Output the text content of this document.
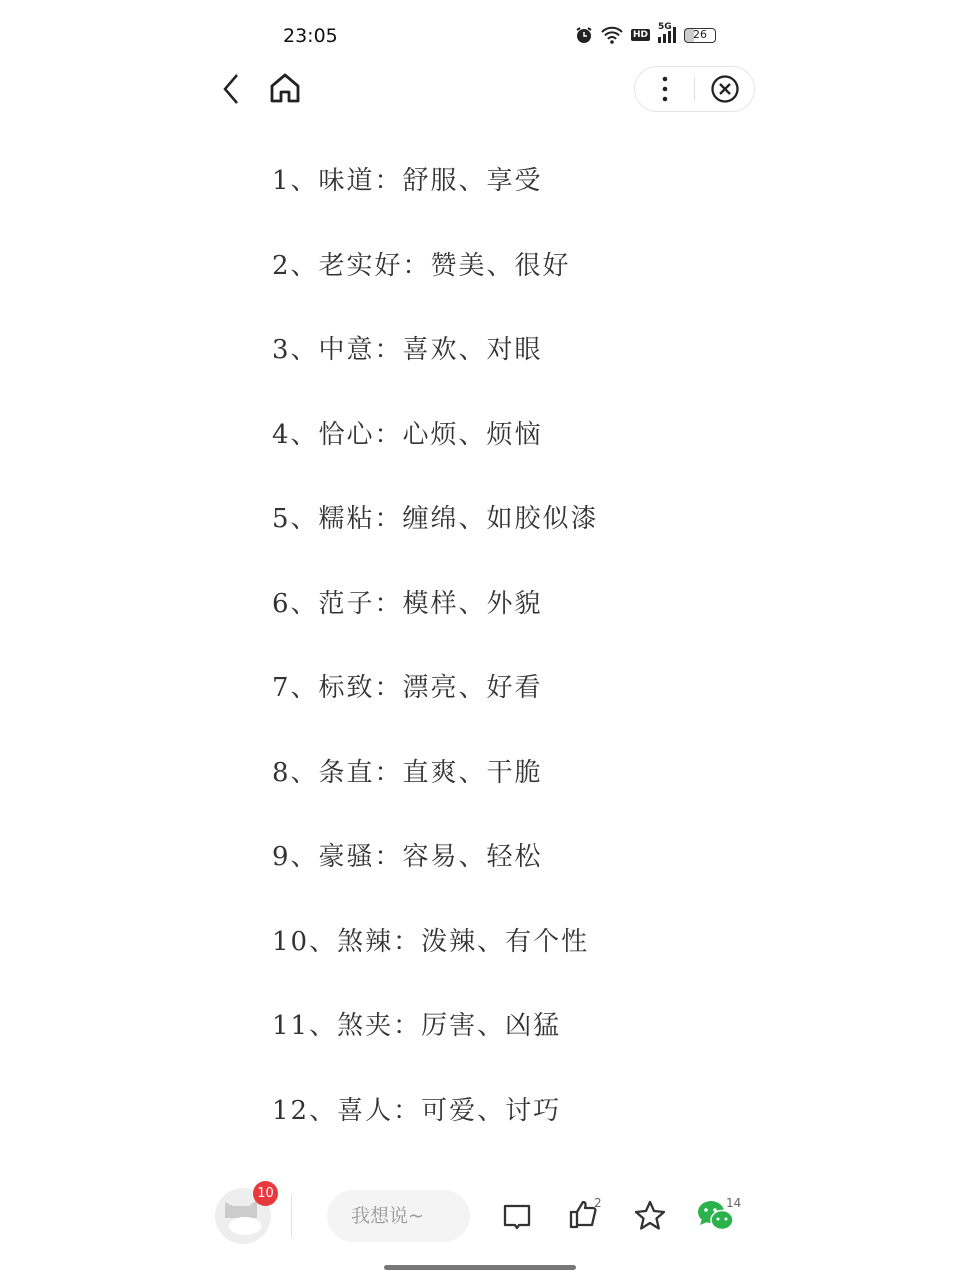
23:05	HD
5G
26
1、味道：舒服、享受
2、老实好：赞美、很好
3、中意：喜欢、对眼
4、恰心：心烦、烦恼
5、糯粘：缠绵、如胶似漆
6、范子：模样、外貌
7、标致：漂亮、好看
8、条直：直爽、干脆
9、豪骚：容易、轻松
10、煞辣：泼辣、有个性
11、煞夹：厉害、凶猛
12、喜人：可爱、讨巧
10
我想说~
2	14
